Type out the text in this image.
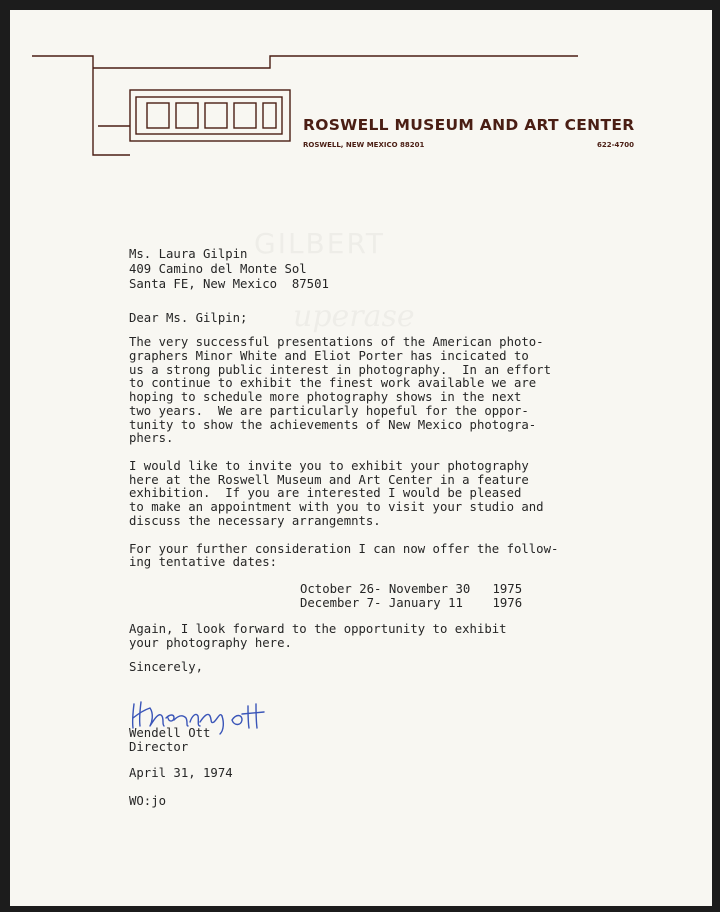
ROSWELL MUSEUM AND ART CENTER
ROSWELL, NEW MEXICO 88201	622-4700
GILBERT
uperase
Ms. Laura Gilpin
409 Camino del Monte Sol
Santa FE, New Mexico  87501
Dear Ms. Gilpin;
The very successful presentations of the American photo-
graphers Minor White and Eliot Porter has incicated to
us a strong public interest in photography.  In an effort
to continue to exhibit the finest work available we are
hoping to schedule more photography shows in the next
two years.  We are particularly hopeful for the oppor-
tunity to show the achievements of New Mexico photogra-
phers.
I would like to invite you to exhibit your photography
here at the Roswell Museum and Art Center in a feature
exhibition.  If you are interested I would be pleased
to make an appointment with you to visit your studio and
discuss the necessary arrangemnts.
For your further consideration I can now offer the follow-
ing tentative dates:
October 26- November 30   1975
December 7- January 11    1976
Again, I look forward to the opportunity to exhibit
your photography here.
Sincerely,
Wendell Ott
Director
April 31, 1974
WO:jo
